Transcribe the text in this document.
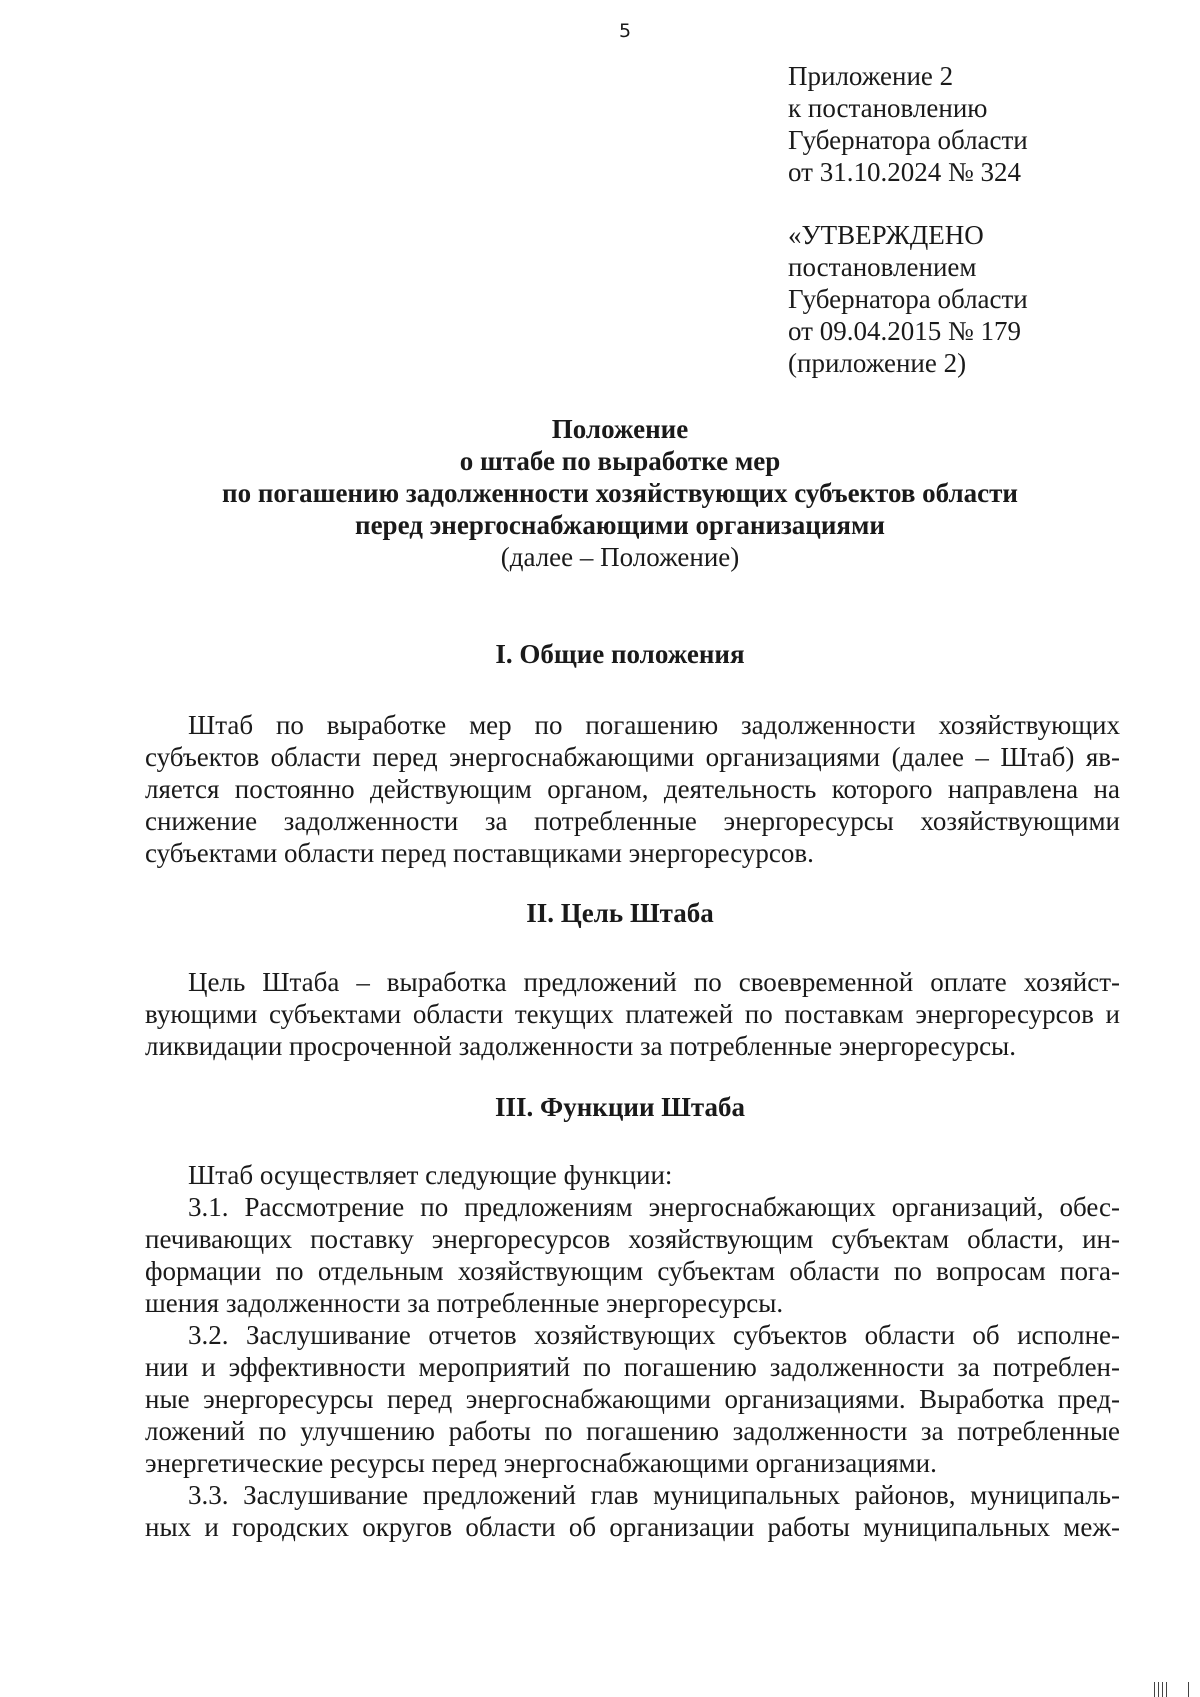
5
Приложение 2
к постановлению
Губернатора области
от 31.10.2024 № 324
«УТВЕРЖДЕНО
постановлением
Губернатора области
от 09.04.2015 № 179
(приложение 2)
Положение
о штабе по выработке мер
по погашению задолженности хозяйствующих субъектов области
перед энергоснабжающими организациями
(далее – Положение)
I. Общие положения
Штаб по выработке мер по погашению задолженности хозяйствующих
субъектов области перед энергоснабжающими организациями (далее – Штаб) яв-
ляется постоянно действующим органом, деятельность которого направлена на
снижение задолженности за потребленные энергоресурсы хозяйствующими
субъектами области перед поставщиками энергоресурсов.
II. Цель Штаба
Цель Штаба – выработка предложений по своевременной оплате хозяйст-
вующими субъектами области текущих платежей по поставкам энергоресурсов и
ликвидации просроченной задолженности за потребленные энергоресурсы.
III. Функции Штаба
Штаб осуществляет следующие функции:
3.1. Рассмотрение по предложениям энергоснабжающих организаций, обес-
печивающих поставку энергоресурсов хозяйствующим субъектам области, ин-
формации по отдельным хозяйствующим субъектам области по вопросам пога-
шения задолженности за потребленные энергоресурсы.
3.2. Заслушивание отчетов хозяйствующих субъектов области об исполне-
нии и эффективности мероприятий по погашению задолженности за потреблен-
ные энергоресурсы перед энергоснабжающими организациями. Выработка пред-
ложений по улучшению работы по погашению задолженности за потребленные
энергетические ресурсы перед энергоснабжающими организациями.
3.3. Заслушивание предложений глав муниципальных районов, муниципаль-
ных и городских округов области об организации работы муниципальных меж-
